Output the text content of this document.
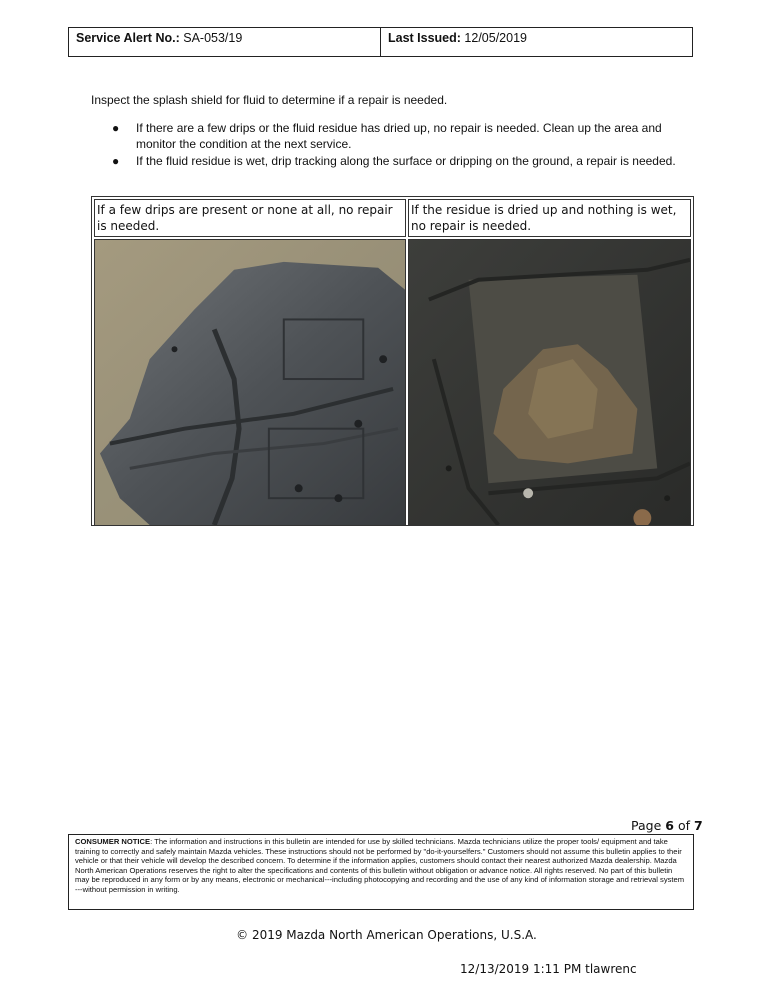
Service Alert No.: SA-053/19	Last Issued: 12/05/2019
Inspect the splash shield for fluid to determine if a repair is needed.
● If there are a few drips or the fluid residue has dried up, no repair is needed. Clean up the area and monitor the condition at the next service.
● If the fluid residue is wet, drip tracking along the surface or dripping on the ground, a repair is needed.
If a few drips are present or none at all, no repair is needed.
If the residue is dried up and nothing is wet, no repair is needed.
Page 6 of 7
CONSUMER NOTICE: The information and instructions in this bulletin are intended for use by skilled technicians. Mazda technicians utilize the proper tools/ equipment and take training to correctly and safely maintain Mazda vehicles. These instructions should not be performed by "do-it-yourselfers." Customers should not assume this bulletin applies to their vehicle or that their vehicle will develop the described concern. To determine if the information applies, customers should contact their nearest authorized Mazda dealership. Mazda North American Operations reserves the right to alter the specifications and contents of this bulletin without obligation or advance notice. All rights reserved. No part of this bulletin may be reproduced in any form or by any means, electronic or mechanical---including photocopying and recording and the use of any kind of information storage and retrieval system ---without permission in writing.
© 2019 Mazda North American Operations, U.S.A.
12/13/2019 1:11 PM tlawrenc
